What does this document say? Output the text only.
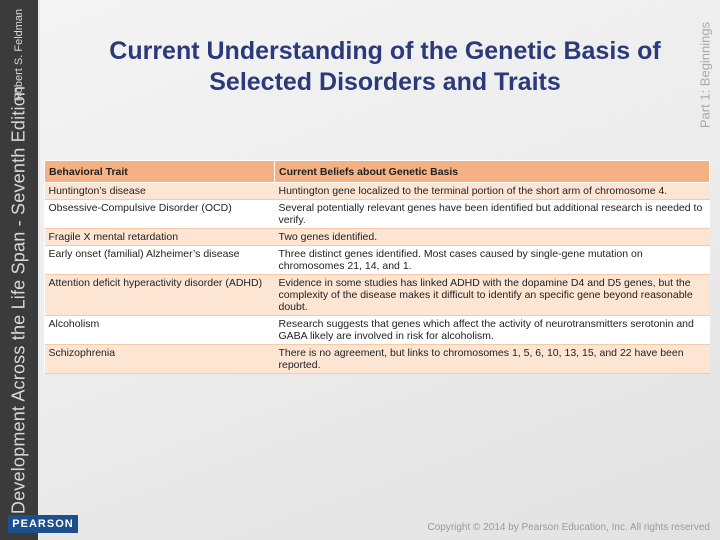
Robert S. Feldman
Development Across the Life Span - Seventh Edition
PEARSON
Part 1: Beginnings
Current Understanding of the Genetic Basis of Selected Disorders and Traits
Behavioral Trait	Current Beliefs about Genetic Basis
Huntington’s disease	Huntington gene localized to the terminal portion of the short arm of chromosome 4.
Obsessive-Compulsive Disorder (OCD)	Several potentially relevant genes have been identified but additional research is needed to verify.
Fragile X mental retardation	Two genes identified.
Early onset (familial) Alzheimer’s disease	Three distinct genes identified. Most cases caused by single-gene mutation on chromosomes 21, 14, and 1.
Attention deficit hyperactivity disorder (ADHD)	Evidence in some studies has linked ADHD with the dopamine D4 and D5 genes, but the complexity of the disease makes it difficult to identify an specific gene beyond reasonable doubt.
Alcoholism	Research suggests that genes which affect the activity of neurotransmitters serotonin and GABA likely are involved in risk for alcoholism.
Schizophrenia	There is no agreement, but links to chromosomes 1, 5, 6, 10, 13, 15, and 22 have been reported.
Copyright © 2014 by Pearson Education, Inc. All rights reserved
